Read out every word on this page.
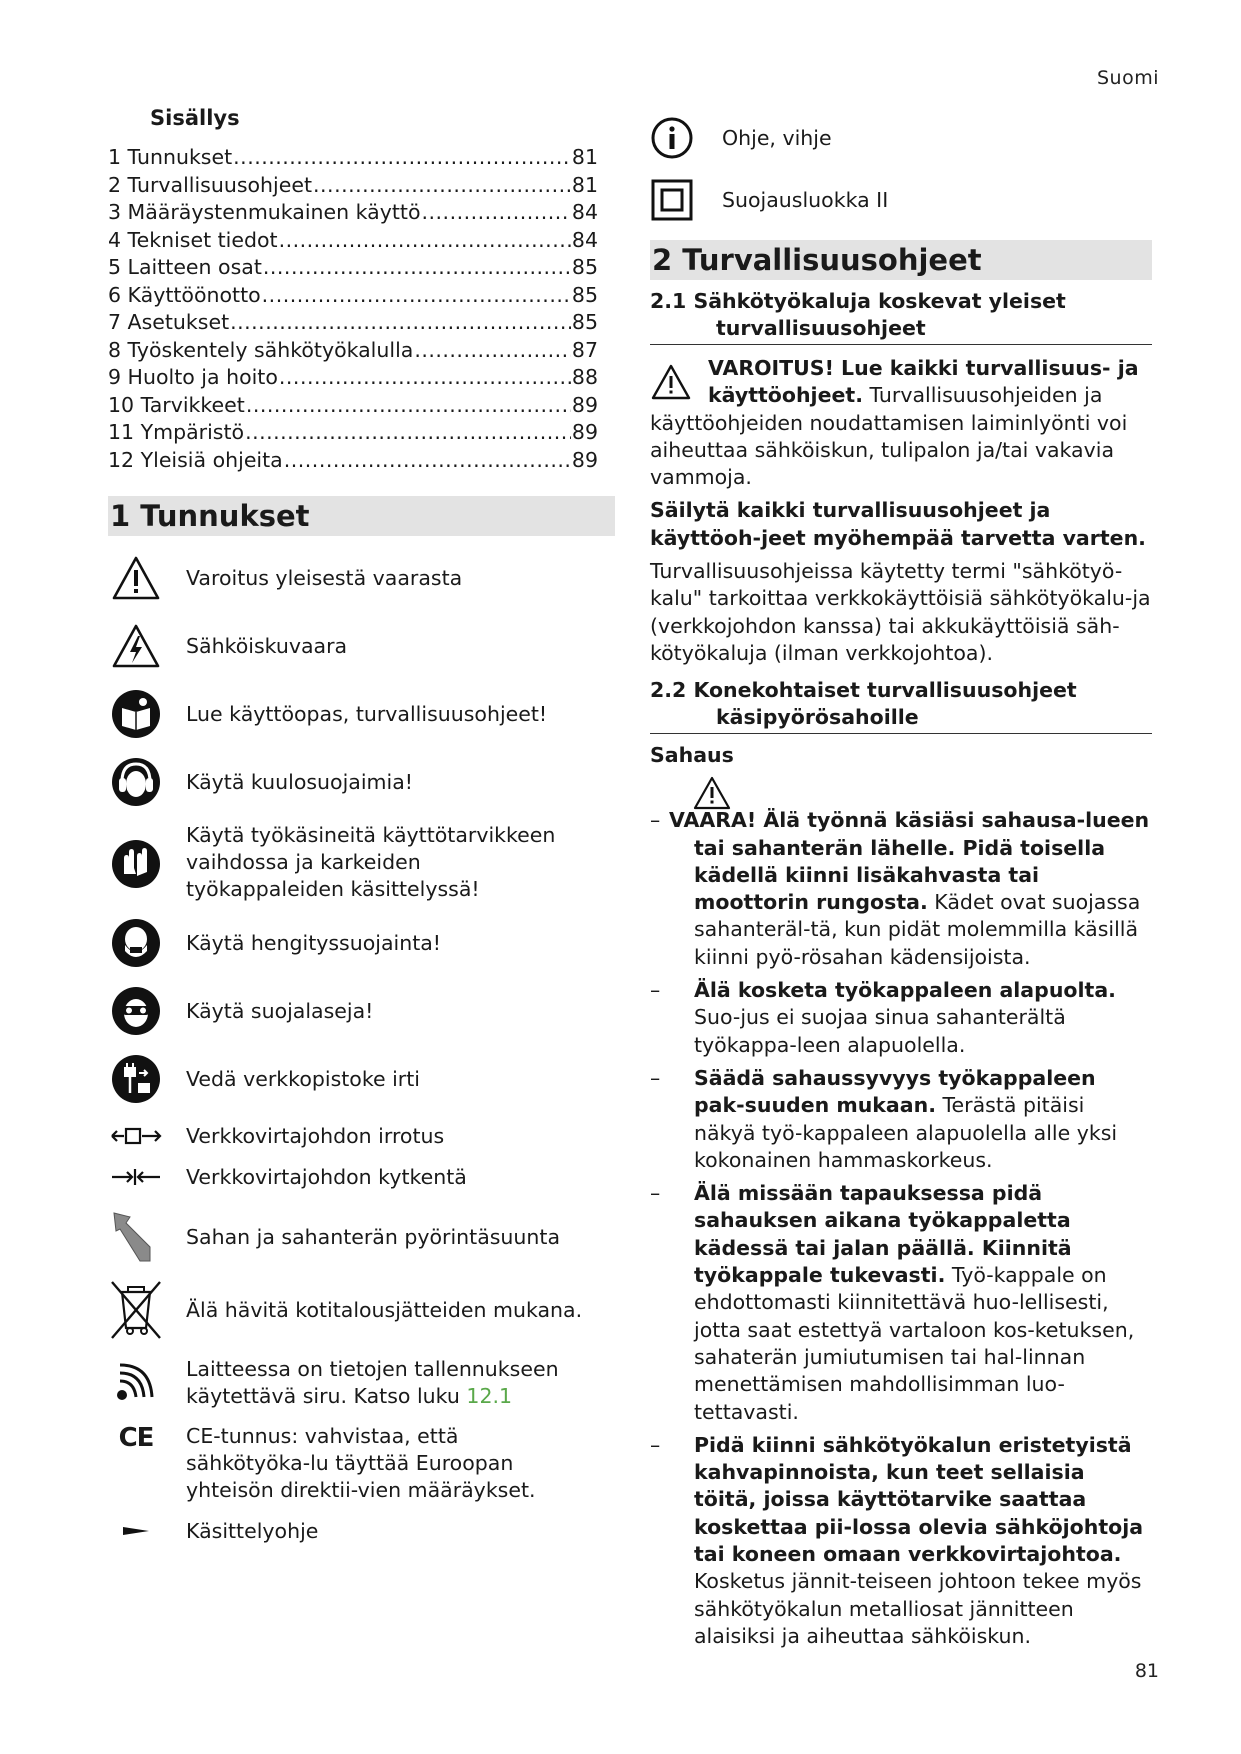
Suomi
Sisällys
1 Tunnukset .....	81
2 Turvallisuusohjeet .....	81
3 Määräystenmukainen käyttö .....	84
4 Tekniset tiedot .....	84
5 Laitteen osat .....	85
6 Käyttöönotto .....	85
7 Asetukset .....	85
8 Työskentely sähkötyökalulla .....	87
9 Huolto ja hoito .....	88
10 Tarvikkeet .....	89
11 Ympäristö .....	89
12 Yleisiä ohjeita .....	89
1 Tunnukset
Varoitus yleisestä vaarasta
Sähköiskuvaara
Lue käyttöopas, turvallisuusohjeet!
Käytä kuulosuojaimia!
Käytä työkäsineitä käyttötarvikkeen vaihdossa ja karkeiden työkappaleiden käsittelyssä!
Käytä hengityssuojainta!
Käytä suojalaseja!
Vedä verkkopistoke irti
Verkkovirtajohdon irrotus
Verkkovirtajohdon kytkentä
Sahan ja sahanterän pyörintäsuunta
Älä hävitä kotitalousjätteiden mukana.
Laitteessa on tietojen tallennukseen käytettävä siru. Katso luku 12.1
CE CE-tunnus: vahvistaa, että sähkötyöka-lu täyttää Euroopan yhteisön direktii-vien määräykset.
Käsittelyohje
Ohje, vihje
Suojausluokka II
2 Turvallisuusohjeet
2.1 Sähkötyökaluja koskevat yleiset
turvallisuusohjeet
VAROITUS! Lue kaikki turvallisuus- ja
käyttöohjeet. Turvallisuusohjeiden ja käyttöohjeiden noudattamisen laiminlyönti voi aiheuttaa sähköiskun, tulipalon ja/tai vakavia vammoja.
Säilytä kaikki turvallisuusohjeet ja käyttöoh-jeet myöhempää tarvetta varten.
Turvallisuusohjeissa käytetty termi "sähkötyö-kalu" tarkoittaa verkkokäyttöisiä sähkötyökalu-ja (verkkojohdon kanssa) tai akkukäyttöisiä säh-kötyökaluja (ilman verkkojohtoa).
2.2 Konekohtaiset turvallisuusohjeet
käsipyörösahoille
Sahaus
– VAARA! Älä työnnä käsiäsi sahausa-lueen tai sahanterän lähelle. Pidä toisella kädellä kiinni lisäkahvasta tai moottorin rungosta. Kädet ovat suojassa sahanteräl-tä, kun pidät molemmilla käsillä kiinni pyö-rösahan kädensijoista.
– Älä kosketa työkappaleen alapuolta. Suo-jus ei suojaa sinua sahanterältä työkappa-leen alapuolella.
– Säädä sahaussyvyys työkappaleen pak-suuden mukaan. Terästä pitäisi näkyä työ-kappaleen alapuolella alle yksi kokonainen hammaskorkeus.
– Älä missään tapauksessa pidä sahauksen aikana työkappaletta kädessä tai jalan päällä. Kiinnitä työkappale tukevasti. Työ-kappale on ehdottomasti kiinnitettävä huo-lellisesti, jotta saat estettyä vartaloon kos-ketuksen, sahaterän jumiutumisen tai hal-linnan menettämisen mahdollisimman luo-tettavasti.
– Pidä kiinni sähkötyökalun eristetyistä kahvapinnoista, kun teet sellaisia töitä, joissa käyttötarvike saattaa koskettaa pii-lossa olevia sähköjohtoja tai koneen omaan verkkovirtajohtoa. Kosketus jännit-teiseen johtoon tekee myös sähkötyökalun metalliosat jännitteen alaisiksi ja aiheuttaa sähköiskun.
81
